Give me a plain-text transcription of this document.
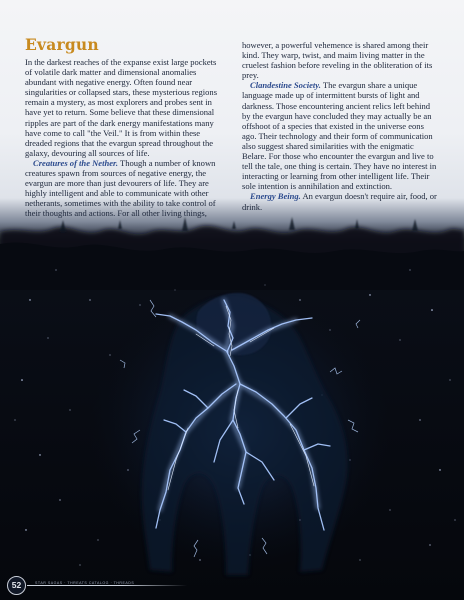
Evargun

In the darkest reaches of the expanse exist large pockets of volatile dark matter and dimensional anomalies abundant with negative energy. Often found near singularities or collapsed stars, these mysterious regions remain a mystery, as most explorers and probes sent in have yet to return. Some believe that these dimensional ripples are part of the dark energy manifestations many have come to call "the Veil." It is from within these dreaded regions that the evargun spread throughout the galaxy, devouring all sources of life.

Creatures of the Nether. Though a number of known creatures spawn from sources of negative energy, the evargun are more than just devourers of life. They are highly intelligent and able to communicate with other netherants, sometimes with the ability to take control of their thoughts and actions. For all other living things,

however, a powerful vehemence is shared among their kind. They warp, twist, and maim living matter in the cruelest fashion before reveling in the obliteration of its prey.

Clandestine Society. The evargun share a unique language made up of intermittent bursts of light and darkness. Those encountering ancient relics left behind by the evargun have concluded they may actually be an offshoot of a species that existed in the universe eons ago. Their technology and their form of communication also suggest shared similarities with the enigmatic Belare. For those who encounter the evargun and live to tell the tale, one thing is certain. They have no interest in interacting or learning from other intelligent life. Their sole intention is annihilation and extinction.

Energy Being. An evargun doesn't require air, food, or drink.

52	STAR SAGAS · THREATS CATALOG · THREADS
